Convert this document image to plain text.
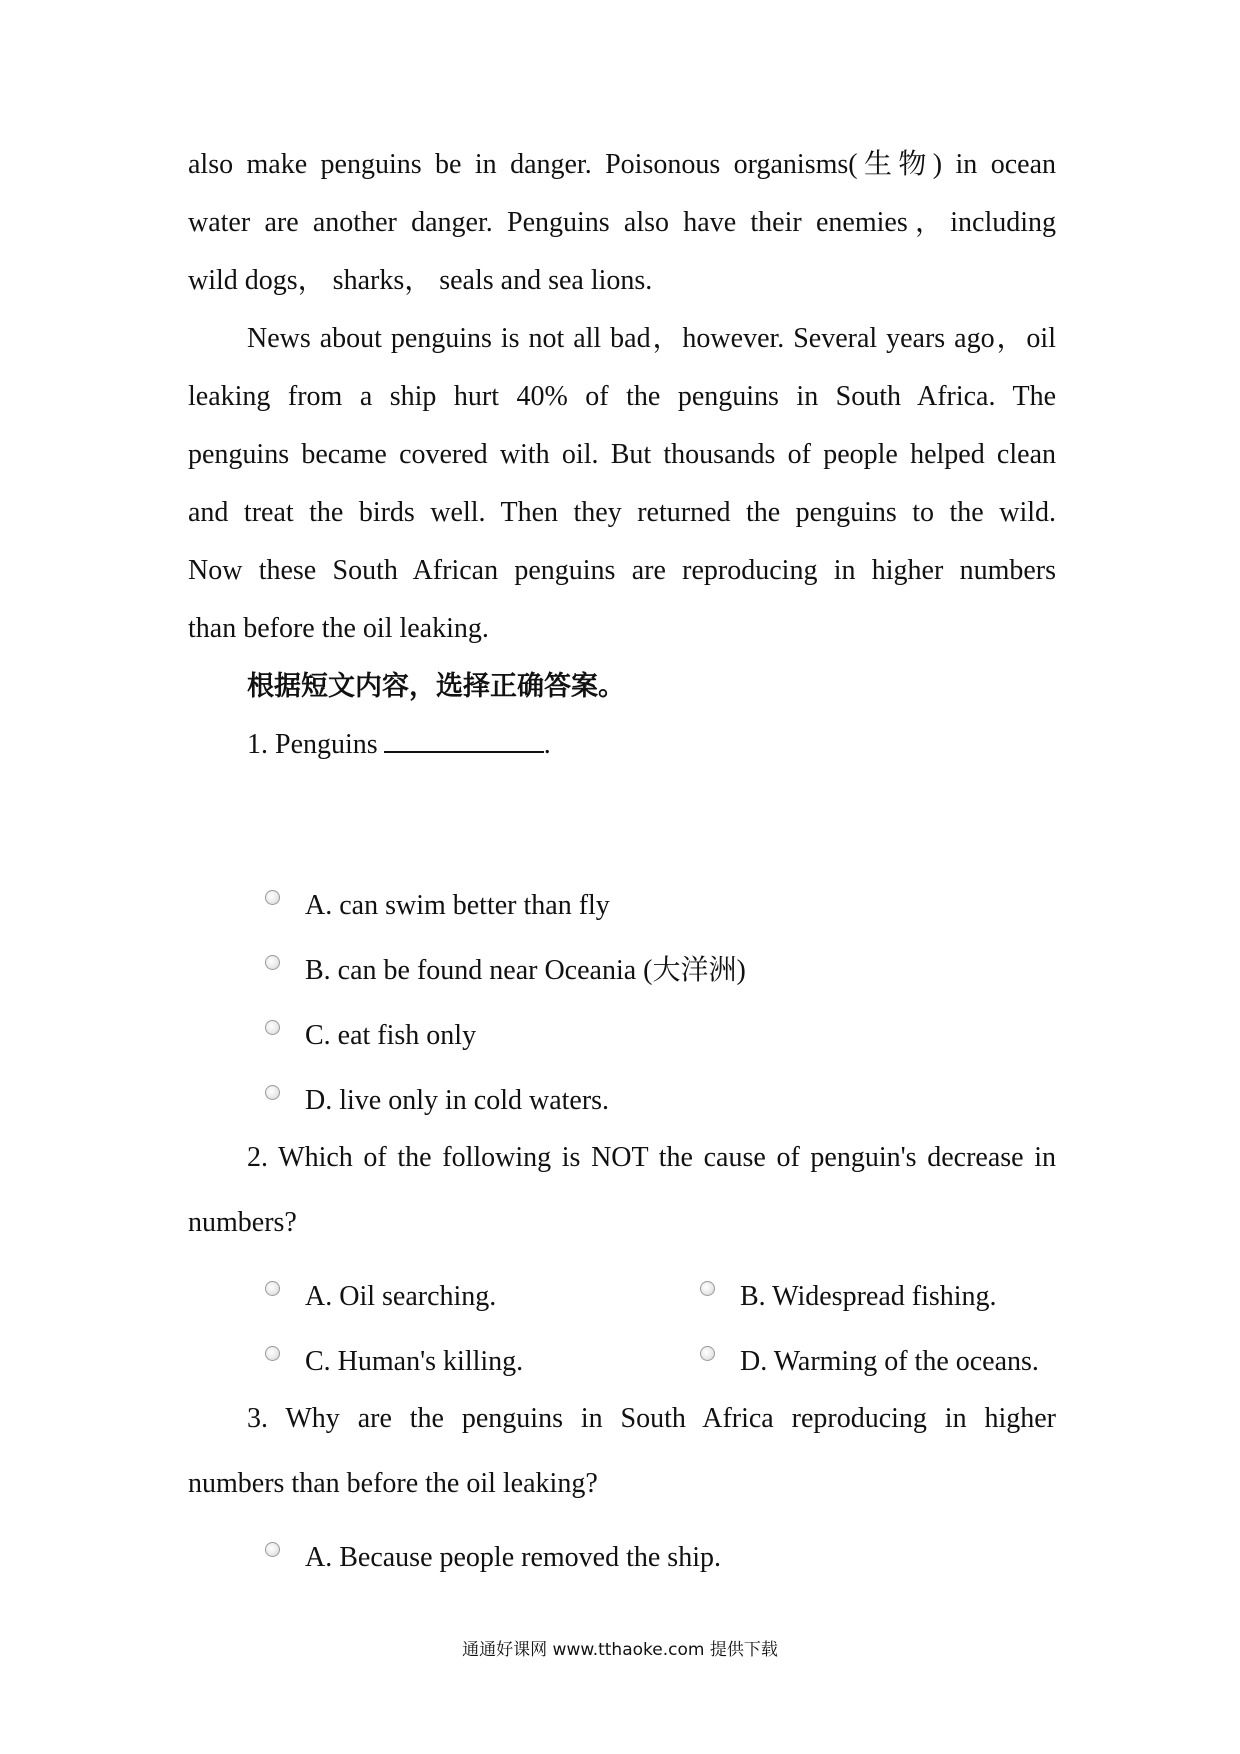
also make penguins be in danger. Poisonous organisms(生物) in ocean
water are another danger. Penguins also have their enemies，including
wild dogs， sharks， seals and sea lions.
News about penguins is not all bad，however. Several years ago，oil
leaking from a ship hurt 40% of the penguins in South Africa. The
penguins became covered with oil. But thousands of people helped clean
and treat the birds well. Then they returned the penguins to the wild.
Now these South African penguins are reproducing in higher numbers
than before the oil leaking.
根据短文内容，选择正确答案。
1. Penguins	.
A. can swim better than fly
B. can be found near Oceania (大洋洲)
C. eat fish only
D. live only in cold waters.
2. Which of the following is NOT the cause of penguin's decrease in
numbers?
A. Oil searching.	B. Widespread fishing.
C. Human's killing.	D. Warming of the oceans.
3. Why are the penguins in South Africa reproducing in higher
numbers than before the oil leaking?
A. Because people removed the ship.
通通好课网 www.tthaoke.com 提供下载
